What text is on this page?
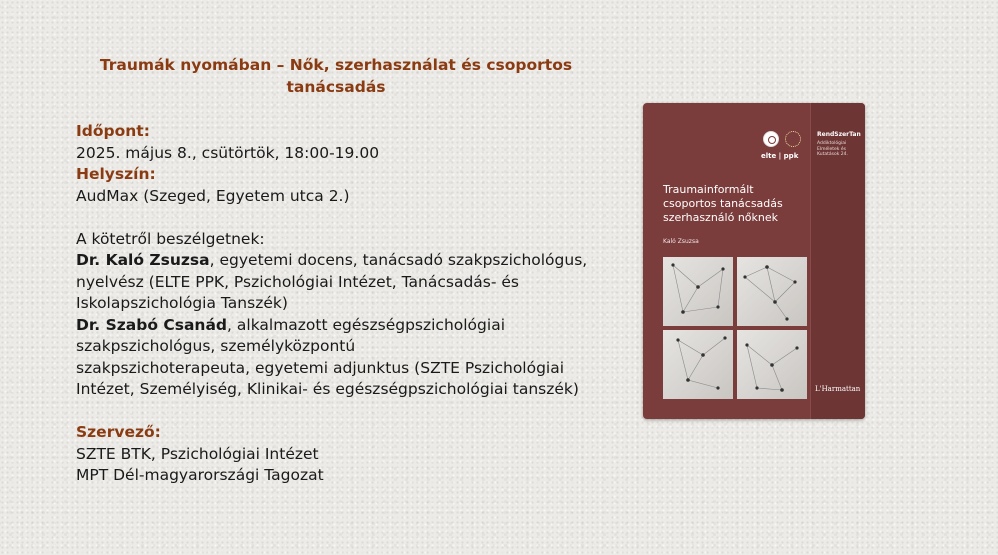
Traumák nyomában – Nők, szerhasználat és csoportos tanácsadás
Időpont:
2025. május 8., csütörtök, 18:00-19.00
Helyszín:
AudMax (Szeged, Egyetem utca 2.)
A kötetről beszélgetnek:
Dr. Kaló Zsuzsa, egyetemi docens, tanácsadó szakpszichológus,
nyelvész (ELTE PPK, Pszichológiai Intézet, Tanácsadás- és
Iskolapszichológia Tanszék)
Dr. Szabó Csanád, alkalmazott egészségpszichológiai
szakpszichológus, személyközpontú
szakpszichoterapeuta, egyetemi adjunktus (SZTE Pszichológiai
Intézet, Személyiség, Klinikai- és egészségpszichológiai tanszék)
Szervező:
SZTE BTK, Pszichológiai Intézet
MPT Dél-magyarországi Tagozat
RendSzerTan
Addiktológiai Elméletek és Kutatások 24.
elte | ppk
Traumainformált csoportos tanácsadás szerhasználó nőknek
Kaló Zsuzsa
L'Harmattan
